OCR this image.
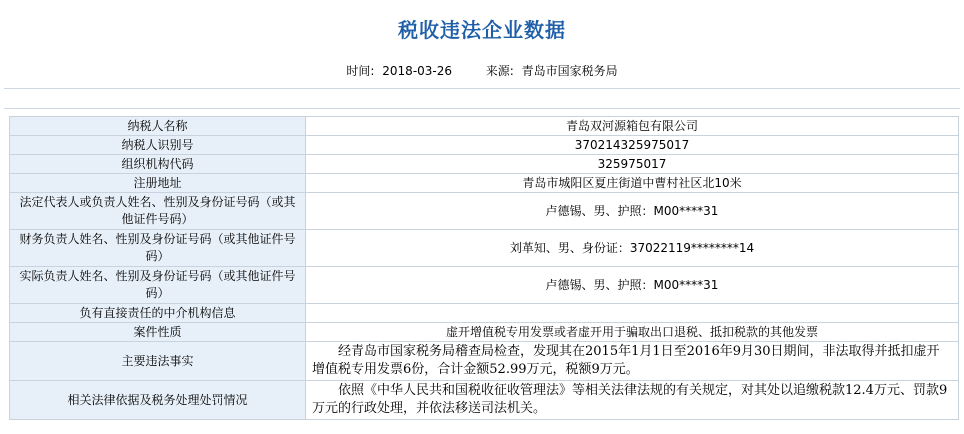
税收违法企业数据
时间: 2018-03-26	来源: 青岛市国家税务局
纳税人名称	青岛双河源箱包有限公司
纳税人识别号	370214325975017
组织机构代码	325975017
注册地址	青岛市城阳区夏庄街道中曹村社区北10米
法定代表人或负责人姓名、性别及身份证号码（或其他证件号码）	卢德锡、男、护照：M00****31
财务负责人姓名、性别及身份证号码（或其他证件号码）	刘革知、男、身份证：37022119********14
实际负责人姓名、性别及身份证号码（或其他证件号码）	卢德锡、男、护照：M00****31
负有直接责任的中介机构信息	
案件性质	虚开增值税专用发票或者虚开用于骗取出口退税、抵扣税款的其他发票
主要违法事实	经青岛市国家税务局稽查局检查，发现其在2015年1月1日至2016年9月30日期间，非法取得并抵扣虚开增值税专用发票6份，合计金额52.99万元，税额9万元。
相关法律依据及税务处理处罚情况	依照《中华人民共和国税收征收管理法》等相关法律法规的有关规定，对其处以追缴税款12.4万元、罚款9万元的行政处理，并依法移送司法机关。
